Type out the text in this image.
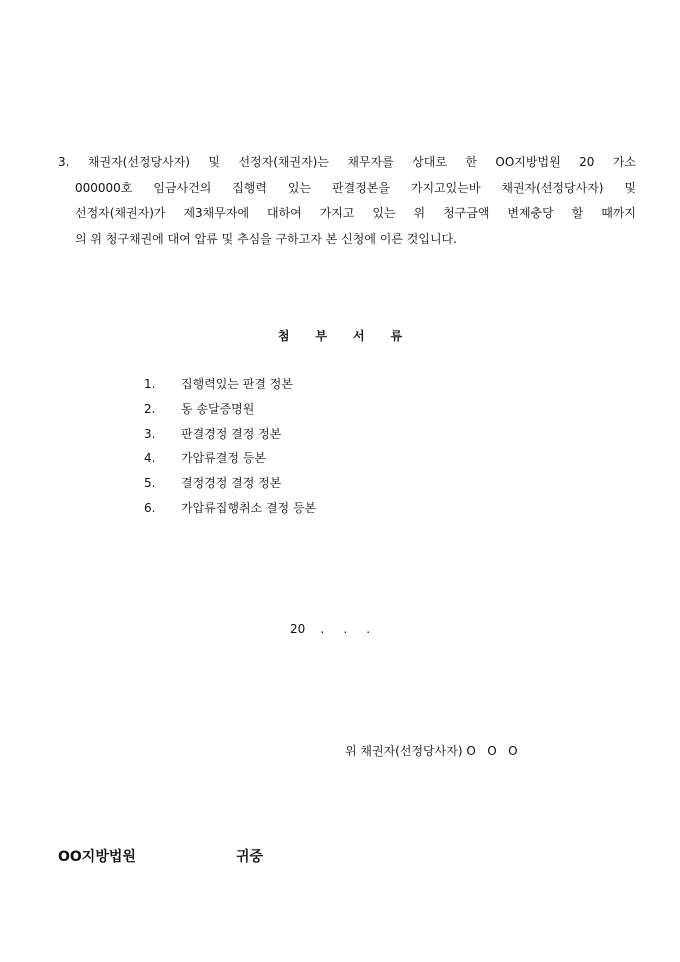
3. 채권자(선정당사자) 및 선정자(채권자)는 채무자를 상대로 한 OO지방법원 20 가소
000000호 임금사건의 집행력 있는 판결정본을 가지고있는바 채권자(선정당사자) 및
선정자(채권자)가 제3채무자에 대하여 가지고 있는 위 청구금액 변제충당 할 때까지
의 위 청구채권에 대여 압류 및 추심을 구하고자 본 신청에 이른 것입니다.
첨부서류
1. 집행력있는 판결 정본
2. 동 송달증명원
3. 판결경정 결정 정본
4. 가압류결정 등본
5. 결정경정 결정 정본
6. 가압류집행취소 결정 등본
20    .     .     .
위 채권자(선정당사자) O   O   O
OO지방법원	귀중
